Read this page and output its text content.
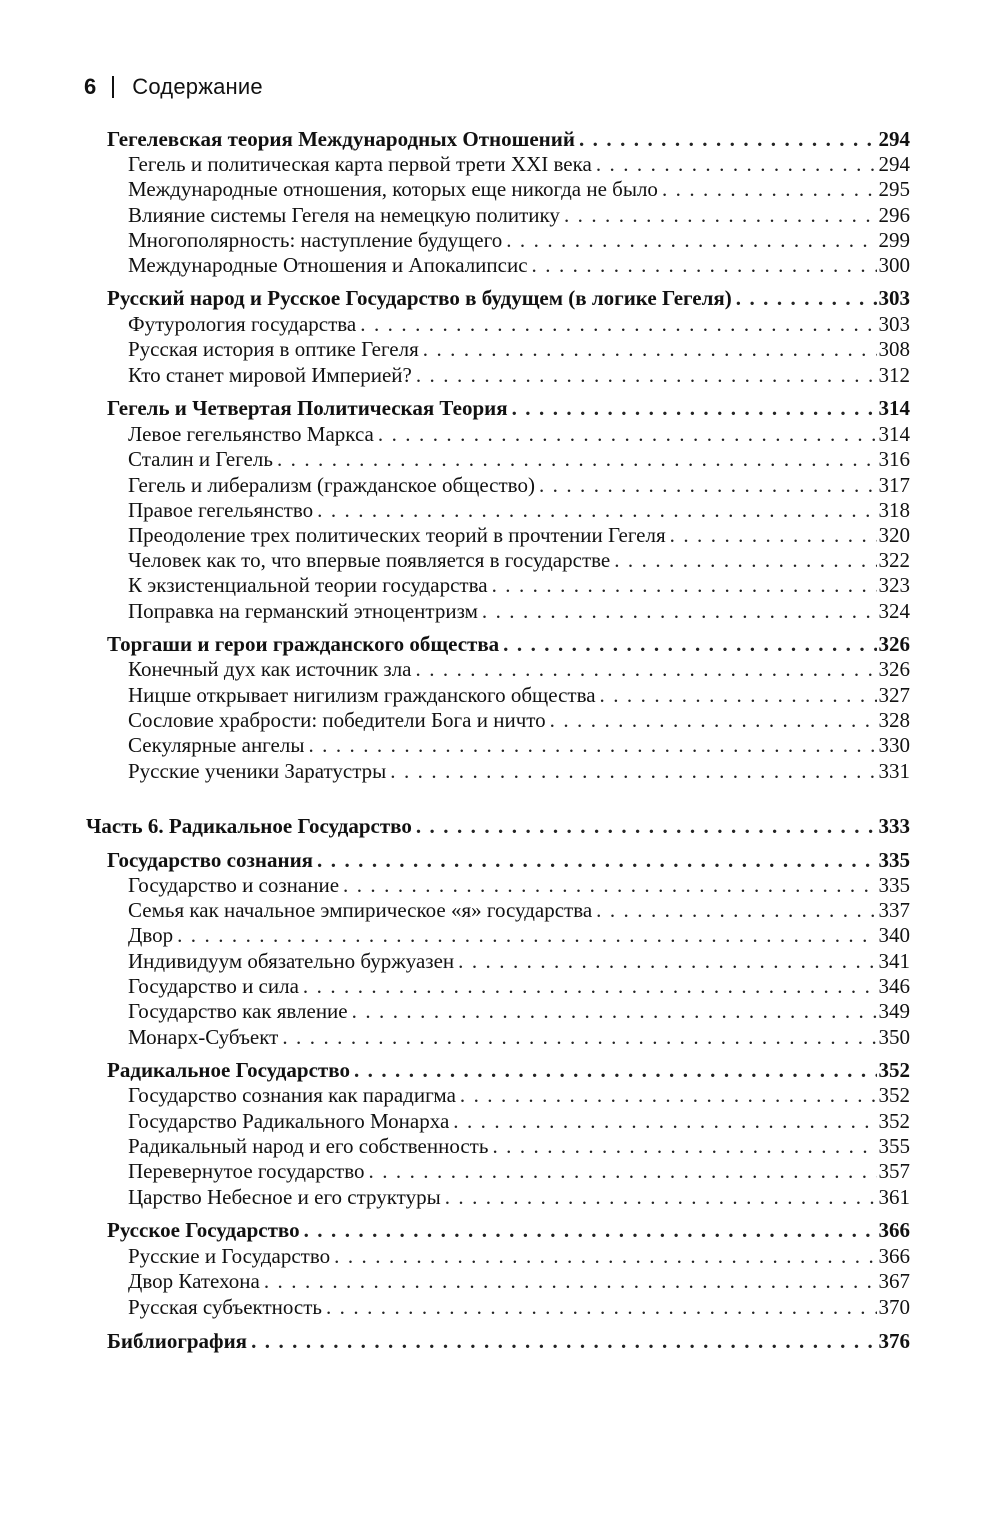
6 Содержание
Гегелевская теория Международных Отношений . . .	294
Гегель и политическая карта первой трети XXI века . . .	294
Международные отношения, которых еще никогда не было . . .	295
Влияние системы Гегеля на немецкую политику . . .	296
Многополярность: наступление будущего . . .	299
Международные Отношения и Апокалипсис . . .	300
Русский народ и Русское Государство в будущем (в логике Гегеля) . . .	303
Футурология государства . . .	303
Русская история в оптике Гегеля . . .	308
Кто станет мировой Империей? . . .	312
Гегель и Четвертая Политическая Теория . . .	314
Левое гегельянство Маркса . . .	314
Сталин и Гегель . . .	316
Гегель и либерализм (гражданское общество) . . .	317
Правое гегельянство . . .	318
Преодоление трех политических теорий в прочтении Гегеля . . .	320
Человек как то, что впервые появляется в государстве . . .	322
К экзистенциальной теории государства . . .	323
Поправка на германский этноцентризм . . .	324
Торгаши и герои гражданского общества . . .	326
Конечный дух как источник зла . . .	326
Ницше открывает нигилизм гражданского общества . . .	327
Сословие храбрости: победители Бога и ничто . . .	328
Секулярные ангелы . . .	330
Русские ученики Заратустры . . .	331
Часть 6. Радикальное Государство . . .	333
Государство сознания . . .	335
Государство и сознание . . .	335
Семья как начальное эмпирическое «я» государства . . .	337
Двор . . .	340
Индивидуум обязательно буржуазен . . .	341
Государство и сила . . .	346
Государство как явление . . .	349
Монарх-Субъект . . .	350
Радикальное Государство . . .	352
Государство сознания как парадигма . . .	352
Государство Радикального Монарха . . .	352
Радикальный народ и его собственность . . .	355
Перевернутое государство . . .	357
Царство Небесное и его структуры . . .	361
Русское Государство . . .	366
Русские и Государство . . .	366
Двор Катехона . . .	367
Русская субъектность . . .	370
Библиография . . .	376
